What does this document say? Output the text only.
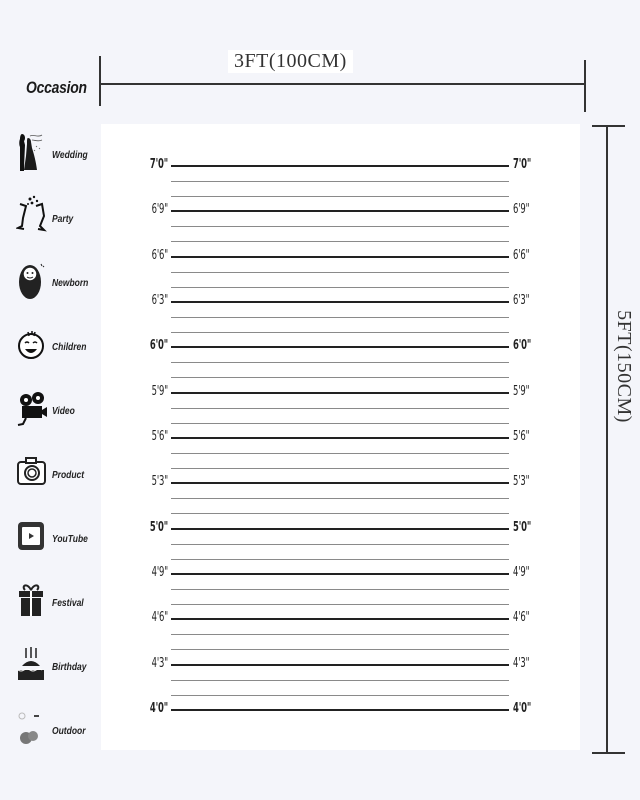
Occasion
3FT(100CM)
5FT(150CM)
7'0"	7'0"
6'9"	6'9"
6'6"	6'6"
6'3"	6'3"
6'0"	6'0"
5'9"	5'9"
5'6"	5'6"
5'3"	5'3"
5'0"	5'0"
4'9"	4'9"
4'6"	4'6"
4'3"	4'3"
4'0"	4'0"
Wedding
Party
Newborn
Children
Video
Product
YouTube
Festival
Birthday
Outdoor
